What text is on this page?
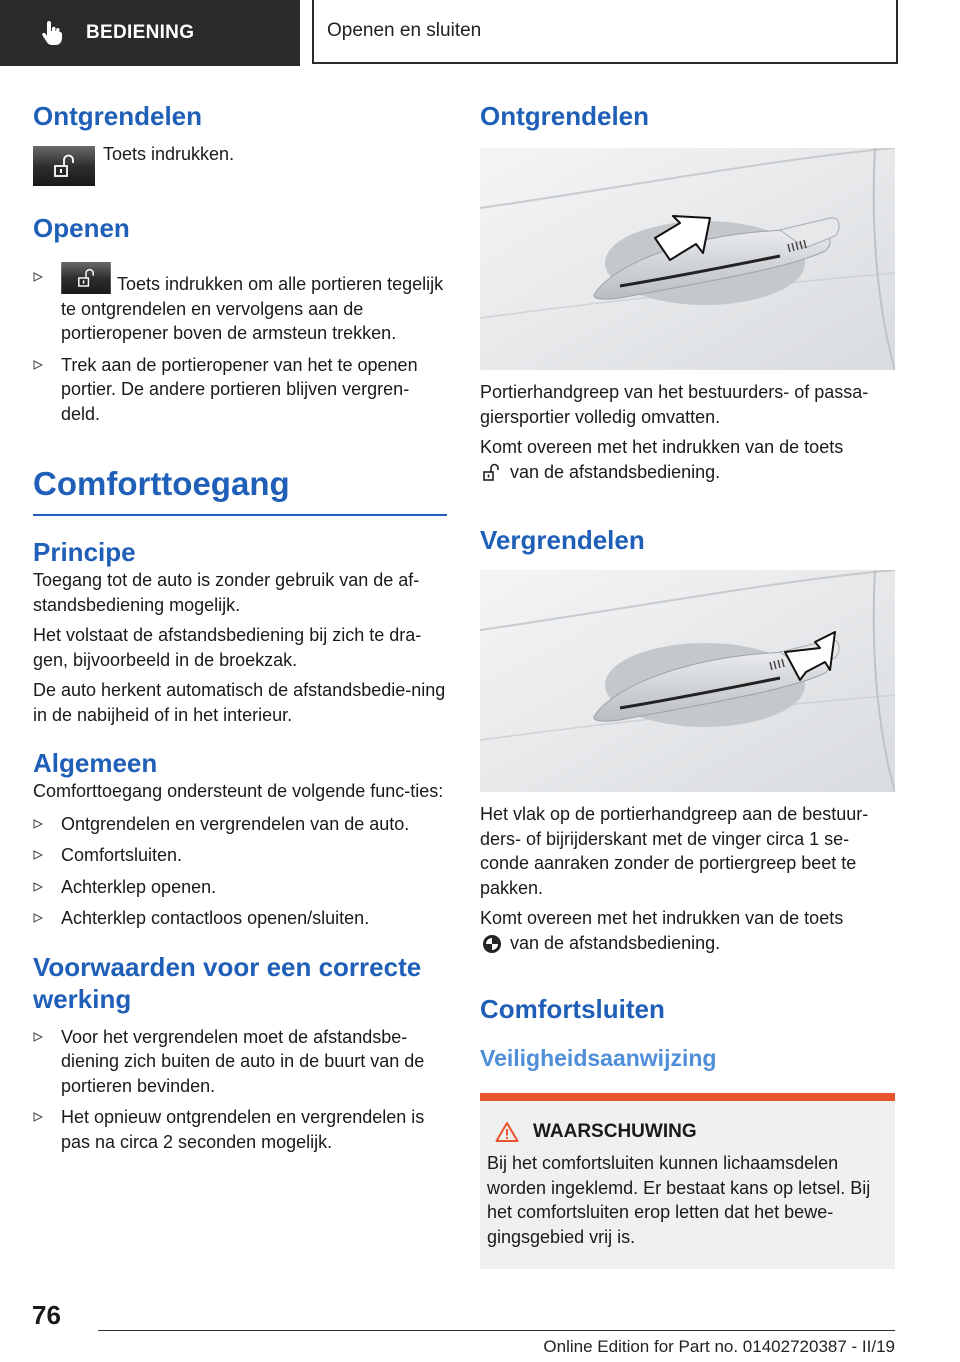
BEDIENING	Openen en sluiten
Ontgrendelen

Toets indrukken.

Openen
Toets indrukken om alle portieren tegelijk te ontgrendelen en vervolgens aan de portieropener boven de armsteun trekken.
Trek aan de portieropener van het te openen portier. De andere portieren blijven vergren-deld.
Comforttoegang
Principe

Toegang tot de auto is zonder gebruik van de af-standsbediening mogelijk.

Het volstaat de afstandsbediening bij zich te dra-gen, bijvoorbeeld in de broekzak.

De auto herkent automatisch de afstandsbedie-ning in de nabijheid of in het interieur.

Algemeen

Comforttoegang ondersteunt de volgende func-ties:

Ontgrendelen en vergrendelen van de auto.
Comfortsluiten.
Achterklep openen.
Achterklep contactloos openen/sluiten.
Voorwaarden voor een correcte werking
Voor het vergrendelen moet de afstandsbe-diening zich buiten de auto in de buurt van de portieren bevinden.
Het opnieuw ontgrendelen en vergrendelen is pas na circa 2 seconden mogelijk.
Ontgrendelen

Portierhandgreep van het bestuurders- of passa-giersportier volledig omvatten.

Komt overeen met het indrukken van de toets
van de afstandsbediening.

Vergrendelen

Het vlak op de portierhandgreep aan de bestuur-ders- of bijrijderskant met de vinger circa 1 se-conde aanraken zonder de portiergreep beet te pakken.

Komt overeen met het indrukken van de toets
van de afstandsbediening.

Comfortsluiten
Veiligheidsaanwijzing
WAARSCHUWING

Bij het comfortsluiten kunnen lichaamsdelen worden ingeklemd. Er bestaat kans op letsel. Bij het comfortsluiten erop letten dat het bewe-gingsgebied vrij is.

76
Online Edition for Part no. 01402720387 - II/19
